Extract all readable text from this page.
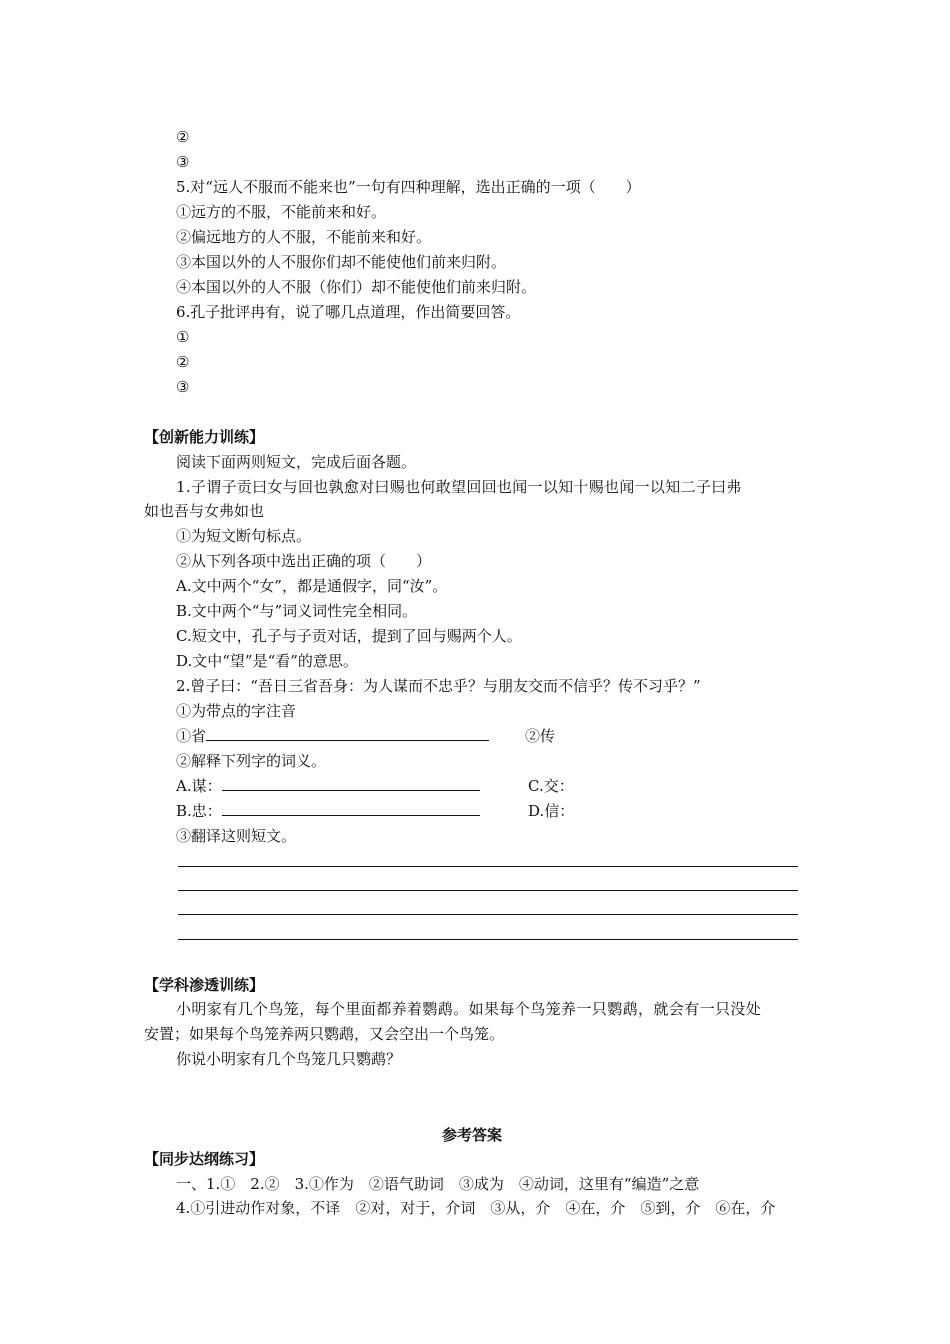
②
③
5.对“远人不服而不能来也”一句有四种理解，选出正确的一项（　　）
①远方的不服，不能前来和好。
②偏远地方的人不服，不能前来和好。
③本国以外的人不服你们却不能使他们前来归附。
④本国以外的人不服（你们）却不能使他们前来归附。
6.孔子批评冉有，说了哪几点道理，作出简要回答。
①
②
③
【创新能力训练】
阅读下面两则短文，完成后面各题。
1.子谓子贡曰女与回也孰愈对曰赐也何敢望回回也闻一以知十赐也闻一以知二子曰弗
如也吾与女弗如也
①为短文断句标点。
②从下列各项中选出正确的项（　　）
A.文中两个“女”，都是通假字，同“汝”。
B.文中两个“与”词义词性完全相同。
C.短文中，孔子与子贡对话，提到了回与赐两个人。
D.文中“望”是“看”的意思。
2.曾子曰：“吾日三省吾身：为人谋而不忠乎？与朋友交而不信乎？传不习乎？”
①为带点的字注音
①省	②传
②解释下列字的词义。
A.谋：	C.交：
B.忠：	D.信：
③翻译这则短文。
【学科渗透训练】
小明家有几个鸟笼，每个里面都养着鹦鹉。如果每个鸟笼养一只鹦鹉，就会有一只没处
安置；如果每个鸟笼养两只鹦鹉，又会空出一个鸟笼。
你说小明家有几个鸟笼几只鹦鹉？
参考答案
【同步达纲练习】
一、1.①　2.②　3.①作为　②语气助词　③成为　④动词，这里有“编造”之意
4.①引进动作对象，不译　②对，对于，介词　③从，介　④在，介　⑤到，介　⑥在，介
